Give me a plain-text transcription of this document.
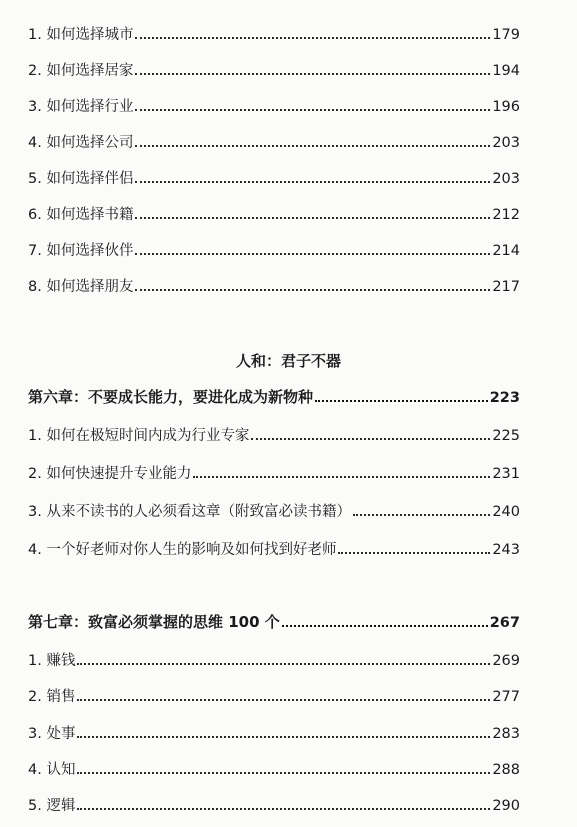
1. 如何选择城市	179
2. 如何选择居家	194
3. 如何选择行业	196
4. 如何选择公司	203
5. 如何选择伴侣	203
6. 如何选择书籍	212
7. 如何选择伙伴	214
8. 如何选择朋友	217
人和：君子不器
第六章：不要成长能力，要进化成为新物种	223
1. 如何在极短时间内成为行业专家	225
2. 如何快速提升专业能力	231
3. 从来不读书的人必须看这章（附致富必读书籍）	240
4. 一个好老师对你人生的影响及如何找到好老师	243
第七章：致富必须掌握的思维 100 个	267
1. 赚钱	269
2. 销售	277
3. 处事	283
4. 认知	288
5. 逻辑	290
